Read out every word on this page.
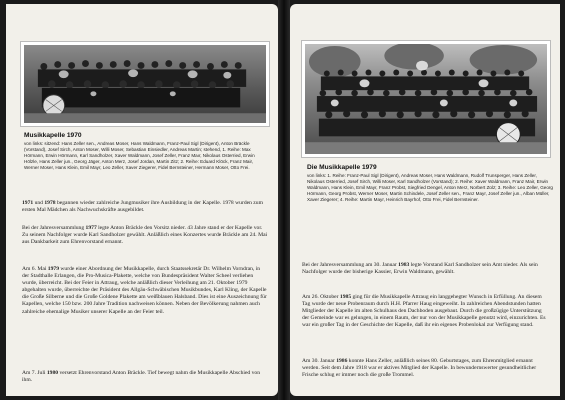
Musikkapelle 1970
von links: sitzend: Hans Zeller sen., Andreas Moser, Hans Waldmann, Franz-Paul Sigl (Dirigent), Anton Bräckle (Vorstand), Josef Sirch, Anton Moser, Willi Moser, Sebastian Einsiedler, Andreas Martin; stehend, 1. Reihe: Max Hörmann, Erwin Hörmann, Karl Sandholzer, Xaver Waldmann, Josef Zeller, Franz Maır, Nikolaus Osterried, Erwin Hölzle, Hans Zeller jun., Georg Jäger, Anton Merz, Josef Jordan, Martin Zitz; 2. Reihe: Eduard Klöck, Franz Mair, Werner Moser, Hans Klein, Emil Mayr, Leo Zeller, Xaver Ziegerer, Fidel Bernsteiner, Hermann Moser, Otto Frei.
1971 und 1978 begannen wieder zahlreiche Jungmusiker ihre Ausbildung in der Kapelle. 1978 wurden zum ersten Mal Mädchen als Nachwuchskräfte ausgebildet.
Bei der Jahresversammlung 1977 legte Anton Bräckle den Vorsitz nieder. 43 Jahre stand er der Kapelle vor. Zu seinem Nachfolger wurde Karl Sandholzer gewählt. Anläßlich eines Konzertes wurde Bräckle am 24. Mai aus Dankbarkeit zum Ehrenvorstand ernannt.
Am 6. Mai 1979 wurde einer Abordnung der Musikkapelle, durch Staatssekretär Dr. Wilhelm Vorndran, in der Stadthalle Erlangen, die Pro-Musica-Plakette, welche von Bundespräsident Walter Scheel verliehen wurde, überreicht. Bei der Feier in Attraug, welche anläßlich dieser Verleihung am 21. Oktober 1979 abgehalten wurde, überreichte der Präsident des Allgäu-Schwäbischen Musikbundes, Karl Kling, der Kapelle die Große Silberne und die Große Goldene Plakette am weißblauen Halsband. Dies ist eine Auszeichnung für Kapellen, welche 150 bzw. 200 Jahre Tradition nachweisen können. Neben der Bevölkerung nahmen auch zahlreiche ehemalige Musiker unserer Kapelle an der Feier teil.
Am 7. Juli 1980 versetzt Ehrenvorstand Anton Bräckle. Tief bewegt nahm die Musikkapelle Abschied von ihm.
Die Musikkapelle 1979
von links: 1. Reihe: Franz-Paul Sigl (Dirigent), Andreas Moser, Hans Waldmann, Rudolf Trunsperger, Hans Zeller, Nikolaus Osterried, Josef Sirch, Willi Moser, Karl Sandholzer (Vorstand); 2. Reihe: Xaver Waldmann, Franz Mair, Erwin Waldmann, Hans Klein, Emil Mayr, Franz Probst, Siegfried Dengel, Anton Merz, Norbert Zolz; 3. Reihe: Leo Zeller, Georg Hörmann, Georg Probst, Werner Moser, Martin Schindele, Josef Zeller sen., Franz Mayr, Josef Zeller jun., Alban Müller, Xaver Ziegerer; 4. Reihe: Martin Mayr, Heinrich Bayrhof, Otto Frei, Fidel Bernsteiner.
Bei der Jahresversammlung am 30. Januar 1983 legte Vorstand Karl Sandholzer sein Amt nieder. Als sein Nachfolger wurde der bisherige Kassier, Erwin Waldmann, gewählt.
Am 26. Oktober 1985 ging für die Musikkapelle Attraug ein langgehegter Wunsch in Erfüllung. An diesem Tag wurde der neue Probenraum durch H.H. Pfarrer Haug eingeweiht. In zahlreichen Abendstunden hatten Mitglieder der Kapelle im alten Schulhaus den Dachboden ausgebaut. Durch die großzügige Unterstützung der Gemeinde war es gelungen, in einem Raum, der nur von der Musikkapelle genutzt wird, einzurichten. Es war ein großer Tag in der Geschichte der Kapelle, daß ihr ein eigenes Probenlokal zur Verfügung stand.
Am 30. Januar 1986 konnte Hans Zeller, anläßlich seines 80. Geburtstages, zum Ehrenmitglied ernannt werden. Seit dem Jahre 1918 war er aktives Mitglied der Kapelle. In bewundernswerter gesundheitlicher Frische schlug er immer noch die große Trommel.
